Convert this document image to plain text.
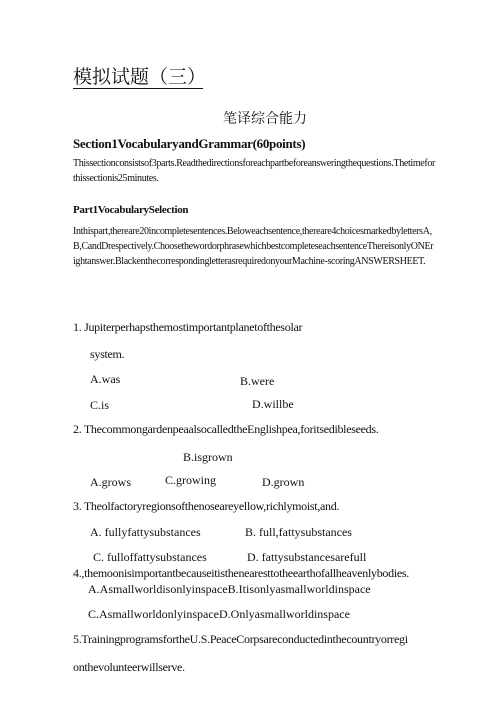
模拟试题（三）
笔译综合能力
Section1VocabularyandGrammar(60points)
Thissectionconsistsof3parts.Readthedirectionsforeachpartbeforeansweringthequestions.Thetimeforthissectionis25minutes.
Part1VocabularySelection
Inthispart,thereare20incompletesentences.Beloweachsentence,thereare4choicesmarkedbylettersA,B,CandDrespectively.ChoosethewordorphrasewhichbestcompleteseachsentenceThereisonlyONErightanswer.BlackenthecorrespondingletterasrequiredonyourMachine-scoringANSWERSHEET.
1. Jupiterperhapsthemostimportantplanetofthesolar
system.
A.was	B.were
C.is	D.willbe
2. ThecommongardenpeaalsocalledtheEnglishpea,foritsedibleseeds.
B.isgrown
A.grows	C.growing	D.grown
3. Theolfactoryregionsofthenoseareyellow,richlymoist,and.
A. fullyfattysubstances	B. full,fattysubstances
C. fulloffattysubstances	D. fattysubstancesarefull
4.,themoonisimportantbecauseitisthenearesttotheearthofallheavenlybodies.
A.AsmallworldisonlyinspaceB.Itisonlyasmallworldinspace
C.AsmallworldonlyinspaceD.Onlyasmallworldinspace
5.TrainingprogramsfortheU.S.PeaceCorpsareconductedinthecountryorregi
onthevolunteerwillserve.
